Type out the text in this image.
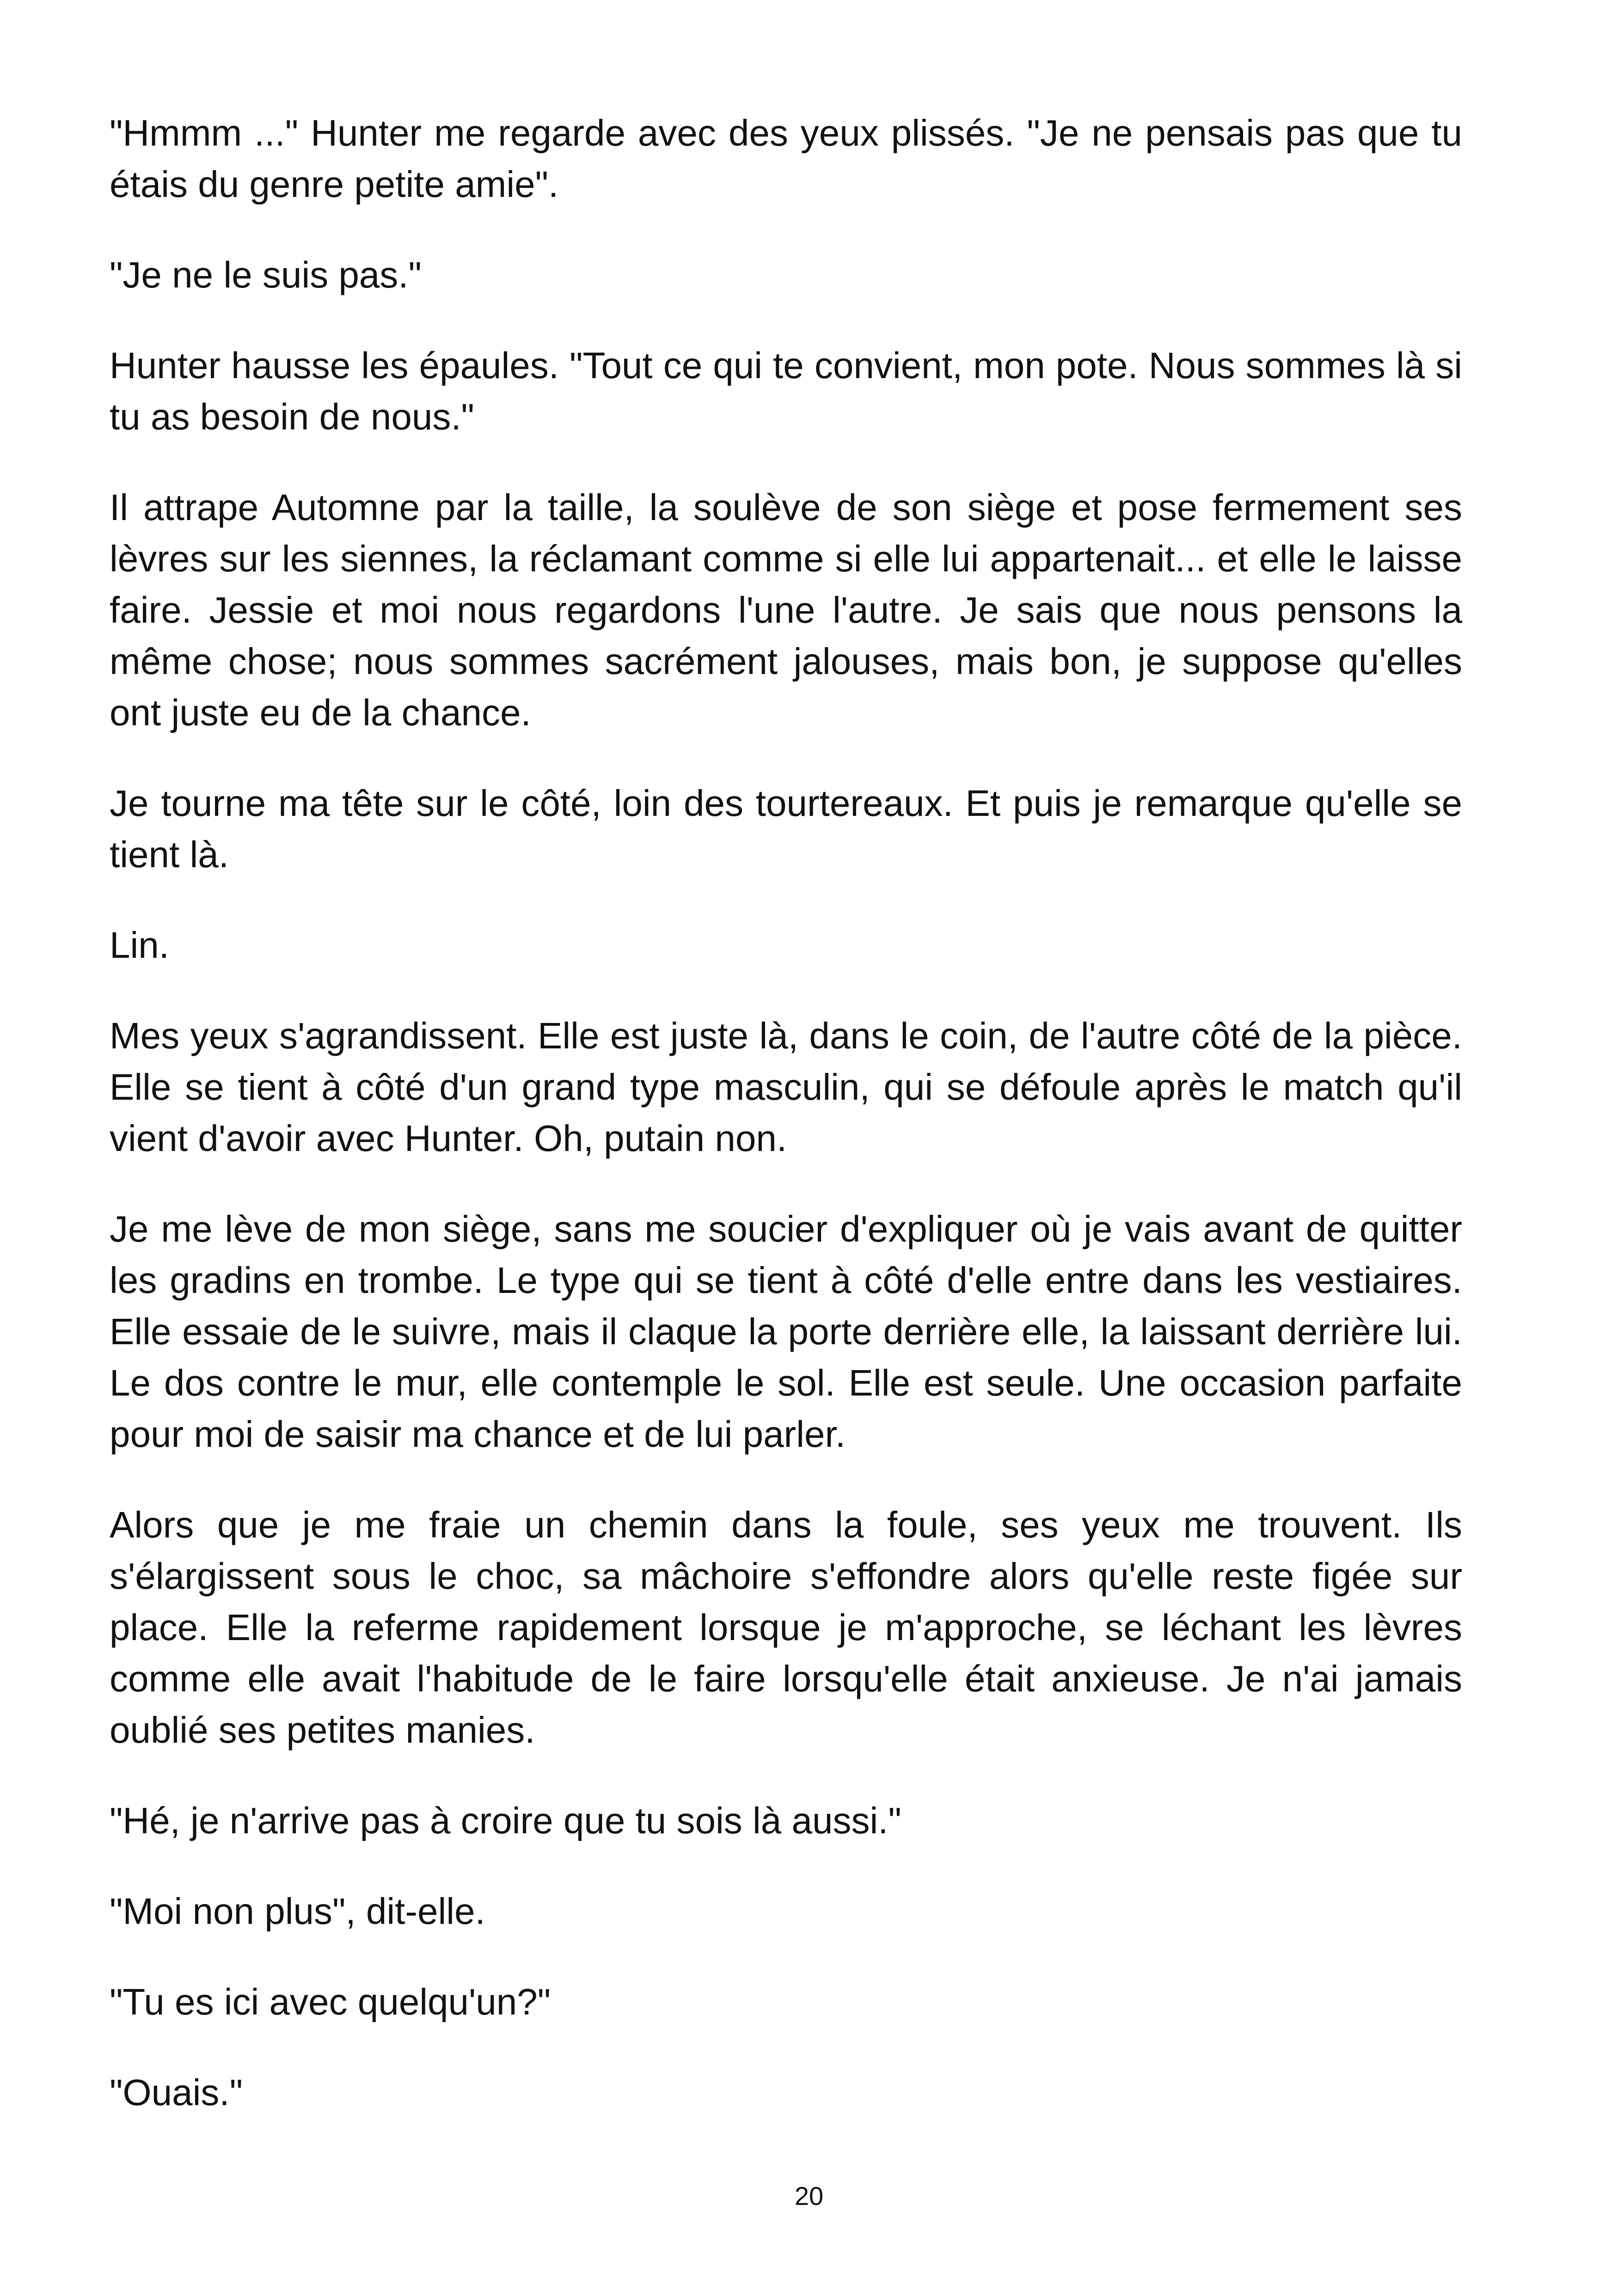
"Hmmm ..." Hunter me regarde avec des yeux plissés. "Je ne pensais pas que tu étais du genre petite amie".

"Je ne le suis pas."

Hunter hausse les épaules. "Tout ce qui te convient, mon pote. Nous sommes là si tu as besoin de nous."

Il attrape Automne par la taille, la soulève de son siège et pose fermement ses lèvres sur les siennes, la réclamant comme si elle lui appartenait... et elle le laisse faire. Jessie et moi nous regardons l'une l'autre. Je sais que nous pensons la même chose; nous sommes sacrément jalouses, mais bon, je suppose qu'elles ont juste eu de la chance.

Je tourne ma tête sur le côté, loin des tourtereaux. Et puis je remarque qu'elle se tient là.

Lin.

Mes yeux s'agrandissent. Elle est juste là, dans le coin, de l'autre côté de la pièce. Elle se tient à côté d'un grand type masculin, qui se défoule après le match qu'il vient d'avoir avec Hunter. Oh, putain non.

Je me lève de mon siège, sans me soucier d'expliquer où je vais avant de quitter les gradins en trombe. Le type qui se tient à côté d'elle entre dans les vestiaires. Elle essaie de le suivre, mais il claque la porte derrière elle, la laissant derrière lui. Le dos contre le mur, elle contemple le sol. Elle est seule. Une occasion parfaite pour moi de saisir ma chance et de lui parler.

Alors que je me fraie un chemin dans la foule, ses yeux me trouvent. Ils s'élargissent sous le choc, sa mâchoire s'effondre alors qu'elle reste figée sur place. Elle la referme rapidement lorsque je m'approche, se léchant les lèvres comme elle avait l'habitude de le faire lorsqu'elle était anxieuse. Je n'ai jamais oublié ses petites manies.

"Hé, je n'arrive pas à croire que tu sois là aussi."

"Moi non plus", dit-elle.

"Tu es ici avec quelqu'un?"

"Ouais."

20
